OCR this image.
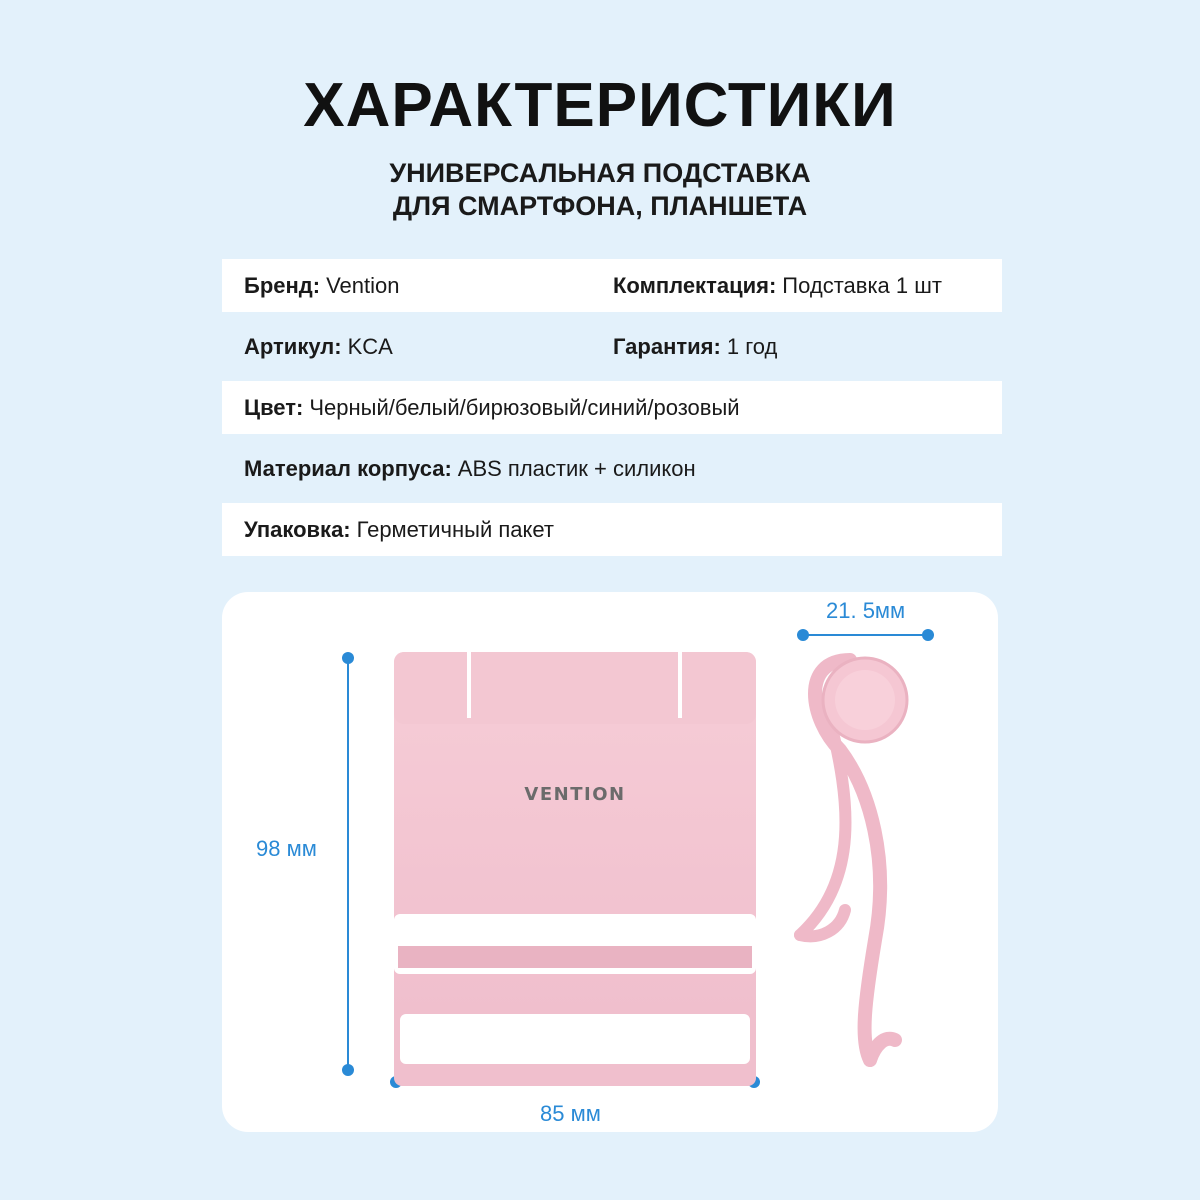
ХАРАКТЕРИСТИКИ
УНИВЕРСАЛЬНАЯ ПОДСТАВКА
ДЛЯ СМАРТФОНА, ПЛАНШЕТА
Бренд: Vention	Комплектация: Подставка 1 шт
Артикул: KCA	Гарантия: 1 год
Цвет: Черный/белый/бирюзовый/синий/розовый
Материал корпуса: ABS пластик + силикон
Упаковка: Герметичный пакет
98 мм
85 мм
21. 5мм
VENTION
